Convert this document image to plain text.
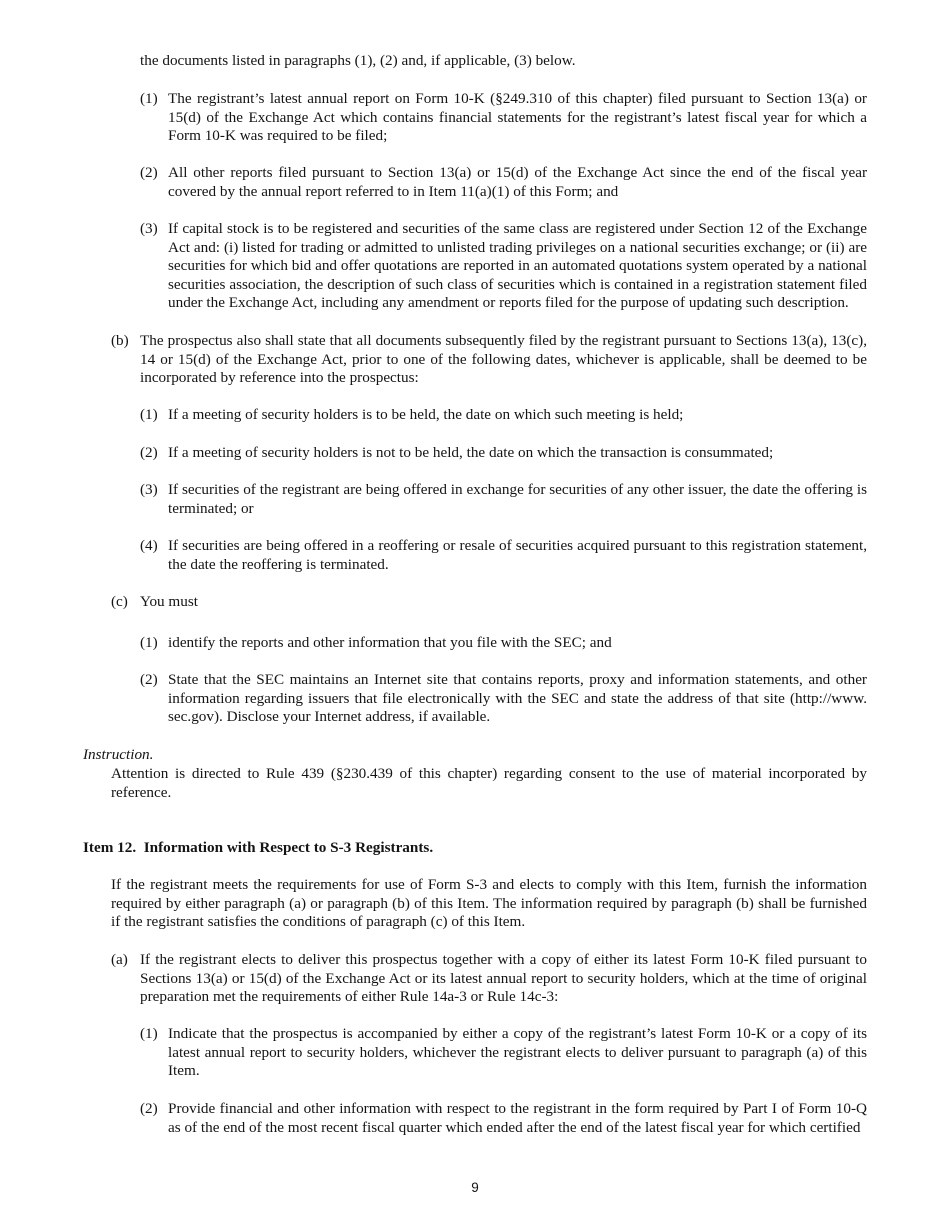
the documents listed in paragraphs (1), (2) and, if applicable, (3) below.
(1) The registrant’s latest annual report on Form 10-K (§249.310 of this chapter) filed pursuant to Section 13(a) or 15(d) of the Exchange Act which contains financial statements for the registrant’s latest fiscal year for which a Form 10-K was required to be filed;
(2) All other reports filed pursuant to Section 13(a) or 15(d) of the Exchange Act since the end of the fiscal year covered by the annual report referred to in Item 11(a)(1) of this Form; and
(3) If capital stock is to be registered and securities of the same class are registered under Section 12 of the Exchange Act and: (i) listed for trading or admitted to unlisted trading privileges on a national securities exchange; or (ii) are securities for which bid and offer quotations are reported in an automated quotations system operated by a national securities association, the description of such class of securities which is contained in a registration statement filed under the Exchange Act, including any amendment or reports filed for the purpose of updating such description.
(b) The prospectus also shall state that all documents subsequently filed by the registrant pursuant to Sections 13(a), 13(c), 14 or 15(d) of the Exchange Act, prior to one of the following dates, whichever is applicable, shall be deemed to be incorporated by reference into the prospectus:
(1) If a meeting of security holders is to be held, the date on which such meeting is held;
(2) If a meeting of security holders is not to be held, the date on which the transaction is consummated;
(3) If securities of the registrant are being offered in exchange for securities of any other issuer, the date the offering is terminated; or
(4) If securities are being offered in a reoffering or resale of securities acquired pursuant to this registration statement, the date the reoffering is terminated.
(c) You must
(1) identify the reports and other information that you file with the SEC; and
(2) State that the SEC maintains an Internet site that contains reports, proxy and information statements, and other information regarding issuers that file electronically with the SEC and state the address of that site (http://www. sec.gov). Disclose your Internet address, if available.
Instruction.
Attention is directed to Rule 439 (§230.439 of this chapter) regarding consent to the use of material incorporated by reference.
Item 12.  Information with Respect to S-3 Registrants.
If the registrant meets the requirements for use of Form S-3 and elects to comply with this Item, furnish the information required by either paragraph (a) or paragraph (b) of this Item. The information required by paragraph (b) shall be furnished if the registrant satisfies the conditions of paragraph (c) of this Item.
(a) If the registrant elects to deliver this prospectus together with a copy of either its latest Form 10-K filed pursuant to Sections 13(a) or 15(d) of the Exchange Act or its latest annual report to security holders, which at the time of original preparation met the requirements of either Rule 14a-3 or Rule 14c-3:
(1) Indicate that the prospectus is accompanied by either a copy of the registrant’s latest Form 10-K or a copy of its latest annual report to security holders, whichever the registrant elects to deliver pursuant to paragraph (a) of this Item.
(2) Provide financial and other information with respect to the registrant in the form required by Part I of Form 10-Q as of the end of the most recent fiscal quarter which ended after the end of the latest fiscal year for which certified
9
